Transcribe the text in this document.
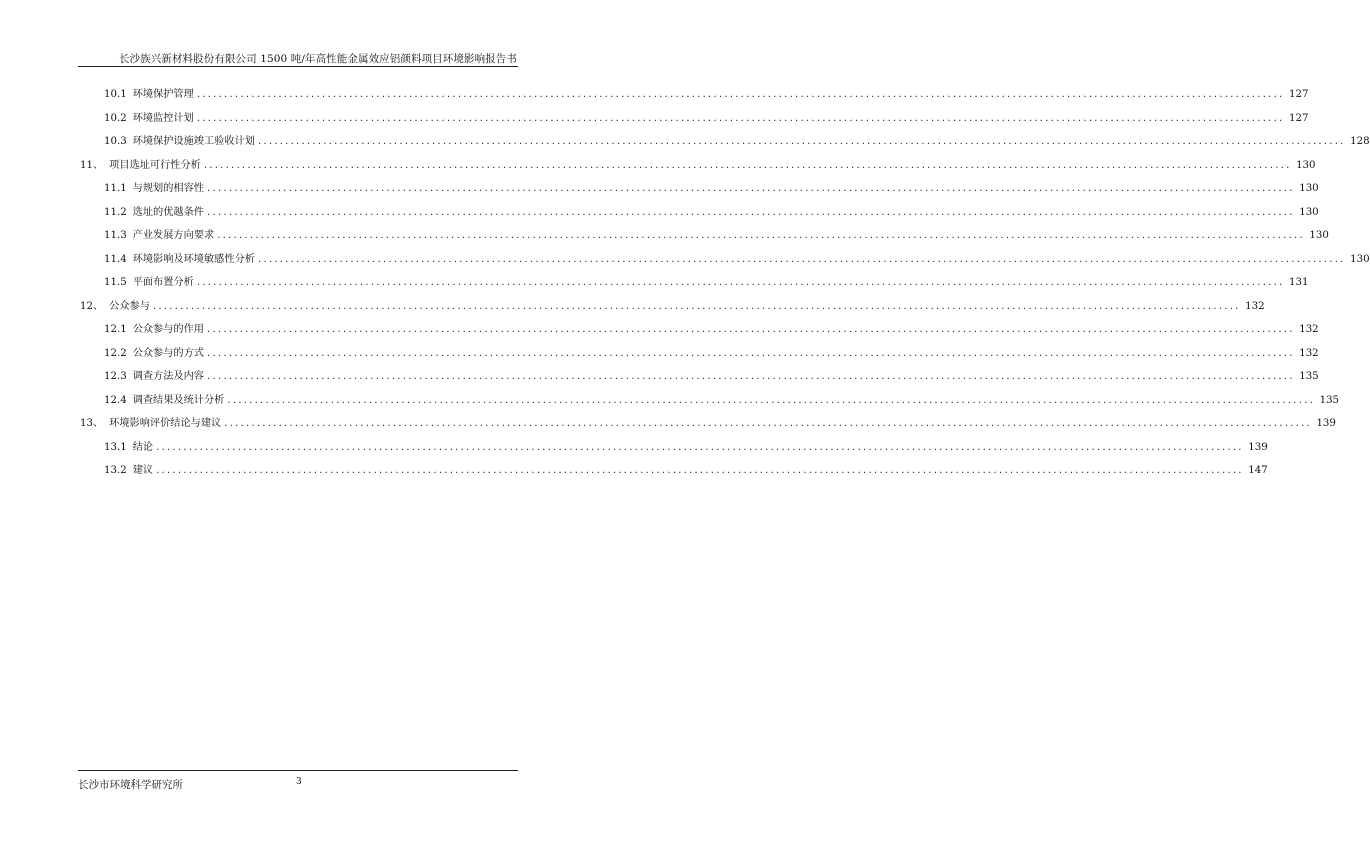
长沙族兴新材料股份有限公司 1500 吨/年高性能金属效应铝颜料项目环境影响报告书
10.1 环境保护管理 ........................................................................................................................................................................................................ 127
10.2 环境监控计划 ........................................................................................................................................................................................................ 127
10.3 环境保护设施竣工验收计划 ........................................................................................................................................................................................................ 128
11、 项目选址可行性分析 ........................................................................................................................................................................................................ 130
11.1 与规划的相容性 ........................................................................................................................................................................................................ 130
11.2 选址的优越条件 ........................................................................................................................................................................................................ 130
11.3 产业发展方向要求 ........................................................................................................................................................................................................ 130
11.4 环境影响及环境敏感性分析 ........................................................................................................................................................................................................ 130
11.5 平面布置分析 ........................................................................................................................................................................................................ 131
12、 公众参与 ........................................................................................................................................................................................................ 132
12.1 公众参与的作用 ........................................................................................................................................................................................................ 132
12.2 公众参与的方式 ........................................................................................................................................................................................................ 132
12.3 调查方法及内容 ........................................................................................................................................................................................................ 135
12.4 调查结果及统计分析 ........................................................................................................................................................................................................ 135
13、 环境影响评价结论与建议 ........................................................................................................................................................................................................ 139
13.1 结论 ........................................................................................................................................................................................................ 139
13.2 建议 ........................................................................................................................................................................................................ 147
长沙市环境科学研究所	3
